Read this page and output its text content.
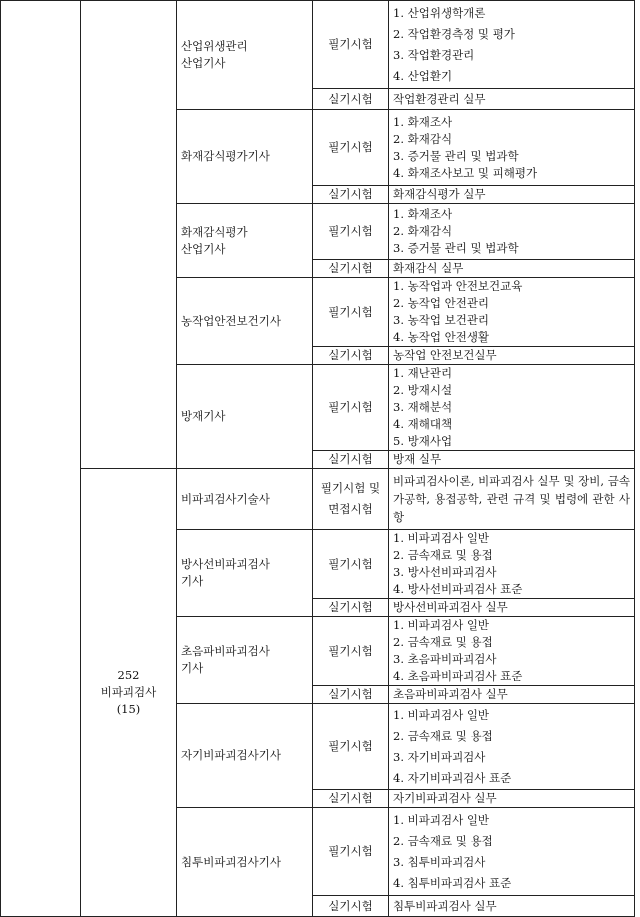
		산업위생관리
산업기사	필기시험	1. 산업위생학개론
2. 작업환경측정 및 평가
3. 작업환경관리
4. 산업환기

			실기시험	작업환경관리 실무

		화재감식평가기사	필기시험	1. 화재조사
2. 화재감식
3. 증거물 관리 및 법과학
4. 화재조사보고 및 피해평가

			실기시험	화재감식평가 실무

		화재감식평가
산업기사	필기시험	1. 화재조사
2. 화재감식
3. 증거물 관리 및 법과학

			실기시험	화재감식 실무

		농작업안전보건기사	필기시험	1. 농작업과 안전보건교육
2. 농작업 안전관리
3. 농작업 보건관리
4. 농작업 안전생활

			실기시험	농작업 안전보건실무

		방재기사	필기시험	1. 재난관리
2. 방재시설
3. 재해분석
4. 재해대책
5. 방재사업

			실기시험	방재 실무

	252
비파괴검사
(15)	비파괴검사기술사	필기시험 및 면접시험	비파괴검사이론, 비파괴검사 실무 및 장비, 금속가공학, 용접공학, 관련 규격 및 법령에 관한 사항

		방사선비파괴검사
기사	필기시험	1. 비파괴검사 일반
2. 금속재료 및 용접
3. 방사선비파괴검사
4. 방사선비파괴검사 표준

			실기시험	방사선비파괴검사 실무

		초음파비파괴검사
기사	필기시험	1. 비파괴검사 일반
2. 금속재료 및 용접
3. 초음파비파괴검사
4. 초음파비파괴검사 표준

			실기시험	초음파비파괴검사 실무

		자기비파괴검사기사	필기시험	1. 비파괴검사 일반
2. 금속재료 및 용접
3. 자기비파괴검사
4. 자기비파괴검사 표준

			실기시험	자기비파괴검사 실무

		침투비파괴검사기사	필기시험	1. 비파괴검사 일반
2. 금속재료 및 용접
3. 침투비파괴검사
4. 침투비파괴검사 표준

			실기시험	침투비파괴검사 실무
